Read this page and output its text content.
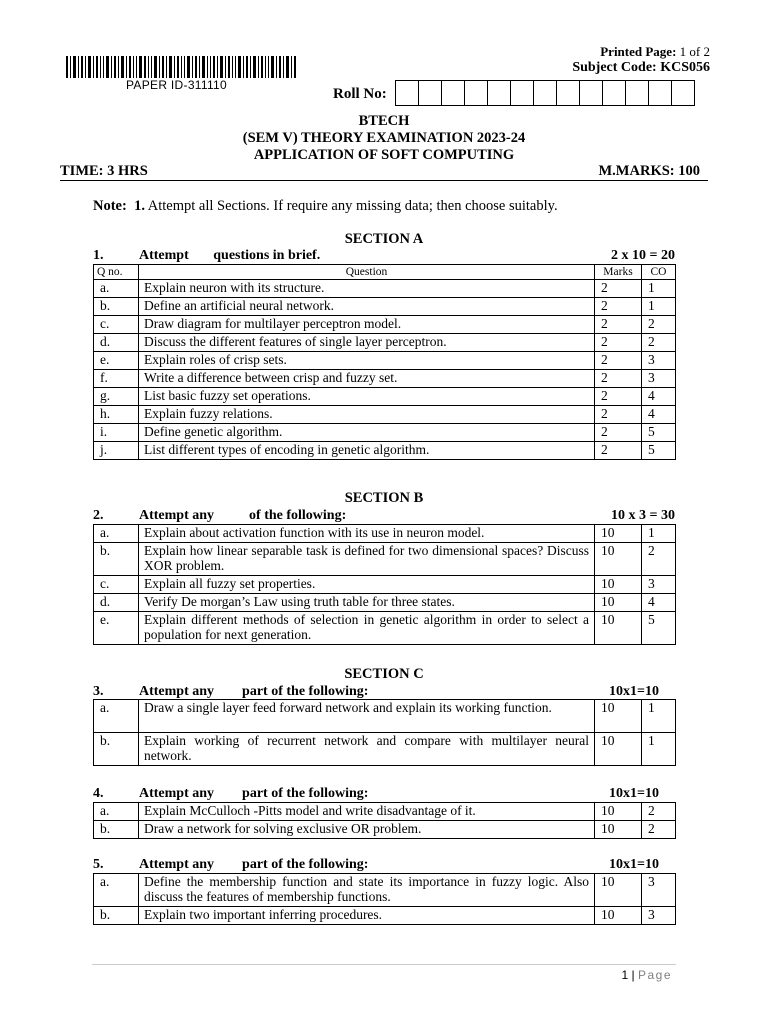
PAPER ID-311110
Printed Page: 1 of 2
Subject Code: KCS056
Roll No:
BTECH
(SEM V) THEORY EXAMINATION 2023-24
APPLICATION OF SOFT COMPUTING
TIME: 3 HRS	M.MARKS: 100
Note: 1. Attempt all Sections. If require any missing data; then choose suitably.
SECTION A
1.	Attempt       questions in brief.	2 x 10 = 20
Q no.	Question	Marks	CO
a.	Explain neuron with its structure.	2	1
b.	Define an artificial neural network.	2	1
c.	Draw diagram for multilayer perceptron model.	2	2
d.	Discuss the different features of single layer perceptron.	2	2
e.	Explain roles of crisp sets.	2	3
f.	Write a difference between crisp and fuzzy set.	2	3
g.	List basic fuzzy set operations.	2	4
h.	Explain fuzzy relations.	2	4
i.	Define genetic algorithm.	2	5
j.	List different types of encoding in genetic algorithm.	2	5
SECTION B
2.	Attempt any          of the following:	10 x 3 = 30
a.	Explain about activation function with its use in neuron model.	10	1
b.	Explain how linear separable task is defined for two dimensional spaces? Discuss XOR problem.	10	2
c.	Explain all fuzzy set properties.	10	3
d.	Verify De morgan’s Law using truth table for three states.	10	4
e.	Explain different methods of selection in genetic algorithm in order to select a population for next generation.	10	5
SECTION C
3.	Attempt any        part of the following:	10x1=10
a.	Draw a single layer feed forward network and explain its working function.	10	1
b.	Explain working of recurrent network and compare with multilayer neural network.	10	1
4.	Attempt any        part of the following:	10x1=10
a.	Explain McCulloch -Pitts model and write disadvantage of it.	10	2
b.	Draw a network for solving exclusive OR problem.	10	2
5.	Attempt any        part of the following:	10x1=10
a.	Define the membership function and state its importance in fuzzy logic. Also discuss the features of membership functions.	10	3
b.	Explain two important inferring procedures.	10	3
1 | Page
